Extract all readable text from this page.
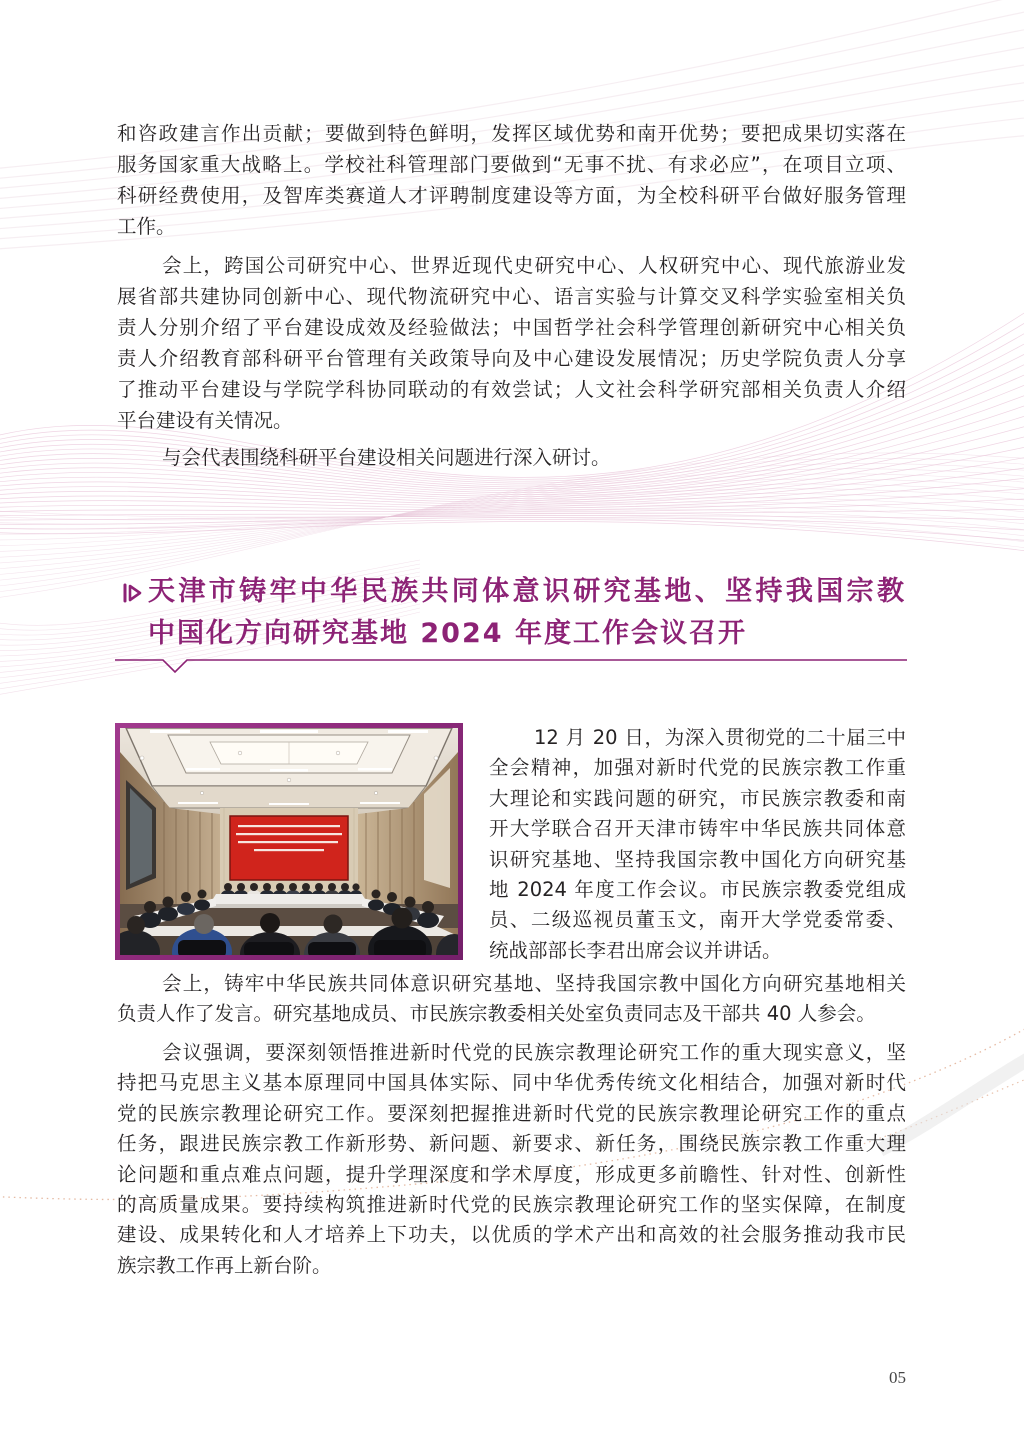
和咨政建言作出贡献；要做到特色鲜明，发挥区域优势和南开优势；要把成果切实落在
服务国家重大战略上。学校社科管理部门要做到“无事不扰、有求必应”，在项目立项、
科研经费使用，及智库类赛道人才评聘制度建设等方面，为全校科研平台做好服务管理
工作。
会上，跨国公司研究中心、世界近现代史研究中心、人权研究中心、现代旅游业发
展省部共建协同创新中心、现代物流研究中心、语言实验与计算交叉科学实验室相关负
责人分别介绍了平台建设成效及经验做法；中国哲学社会科学管理创新研究中心相关负
责人介绍教育部科研平台管理有关政策导向及中心建设发展情况；历史学院负责人分享
了推动平台建设与学院学科协同联动的有效尝试；人文社会科学研究部相关负责人介绍
平台建设有关情况。
与会代表围绕科研平台建设相关问题进行深入研讨。
天津市铸牢中华民族共同体意识研究基地、坚持我国宗教
中国化方向研究基地 2024 年度工作会议召开
12 月 20 日，为深入贯彻党的二十届三中
全会精神，加强对新时代党的民族宗教工作重
大理论和实践问题的研究，市民族宗教委和南
开大学联合召开天津市铸牢中华民族共同体意
识研究基地、坚持我国宗教中国化方向研究基
地 2024 年度工作会议。市民族宗教委党组成
员、二级巡视员董玉文，南开大学党委常委、
统战部部长李君出席会议并讲话。
会上，铸牢中华民族共同体意识研究基地、坚持我国宗教中国化方向研究基地相关
负责人作了发言。研究基地成员、市民族宗教委相关处室负责同志及干部共 40 人参会。
会议强调，要深刻领悟推进新时代党的民族宗教理论研究工作的重大现实意义，坚
持把马克思主义基本原理同中国具体实际、同中华优秀传统文化相结合，加强对新时代
党的民族宗教理论研究工作。要深刻把握推进新时代党的民族宗教理论研究工作的重点
任务，跟进民族宗教工作新形势、新问题、新要求、新任务，围绕民族宗教工作重大理
论问题和重点难点问题，提升学理深度和学术厚度，形成更多前瞻性、针对性、创新性
的高质量成果。要持续构筑推进新时代党的民族宗教理论研究工作的坚实保障，在制度
建设、成果转化和人才培养上下功夫，以优质的学术产出和高效的社会服务推动我市民
族宗教工作再上新台阶。
05
